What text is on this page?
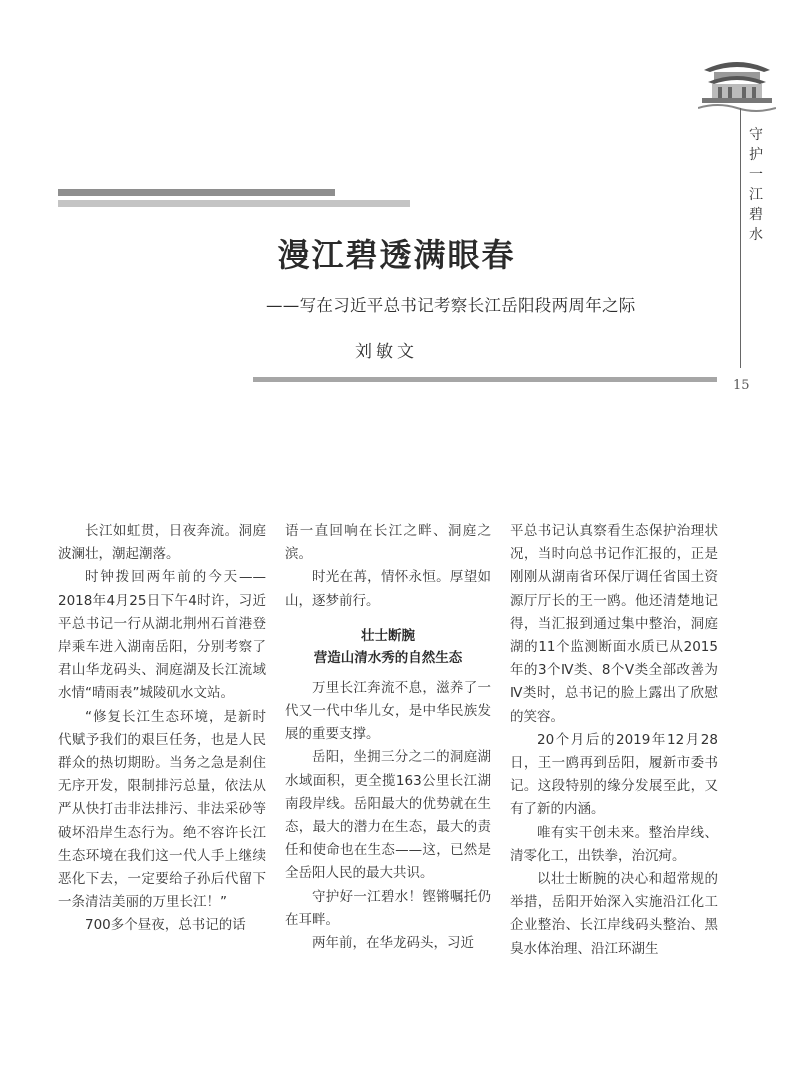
漫江碧透满眼春
——写在习近平总书记考察长江岳阳段两周年之际
刘敏文
守护一江碧水
15

长江如虹贯，日夜奔流。洞庭波澜壮，潮起潮落。

时钟拨回两年前的今天——2018年4月25日下午4时许，习近平总书记一行从湖北荆州石首港登岸乘车进入湖南岳阳，分别考察了君山华龙码头、洞庭湖及长江流域水情“晴雨表”城陵矶水文站。

“修复长江生态环境，是新时代赋予我们的艰巨任务，也是人民群众的热切期盼。当务之急是刹住无序开发，限制排污总量，依法从严从快打击非法排污、非法采砂等破坏沿岸生态行为。绝不容许长江生态环境在我们这一代人手上继续恶化下去，一定要给子孙后代留下一条清洁美丽的万里长江！”

700多个昼夜，总书记的话

语一直回响在长江之畔、洞庭之滨。

时光在苒，情怀永恒。厚望如山，逐梦前行。

壮士断腕
营造山清水秀的自然生态

万里长江奔流不息，滋养了一代又一代中华儿女，是中华民族发展的重要支撑。

岳阳，坐拥三分之二的洞庭湖水域面积，更全揽163公里长江湖南段岸线。岳阳最大的优势就在生态，最大的潜力在生态，最大的责任和使命也在生态——这，已然是全岳阳人民的最大共识。

守护好一江碧水！铿锵嘱托仍在耳畔。

两年前，在华龙码头，习近

平总书记认真察看生态保护治理状况，当时向总书记作汇报的，正是刚刚从湖南省环保厅调任省国土资源厅厅长的王一鸥。他还清楚地记得，当汇报到通过集中整治，洞庭湖的11个监测断面水质已从2015年的3个Ⅳ类、8个Ⅴ类全部改善为Ⅳ类时，总书记的脸上露出了欣慰的笑容。

20个月后的2019年12月28日，王一鸥再到岳阳，履新市委书记。这段特别的缘分发展至此，又有了新的内涵。

唯有实干创未来。整治岸线、清零化工，出铁拳，治沉疴。

以壮士断腕的决心和超常规的举措，岳阳开始深入实施沿江化工企业整治、长江岸线码头整治、黑臭水体治理、沿江环湖生
